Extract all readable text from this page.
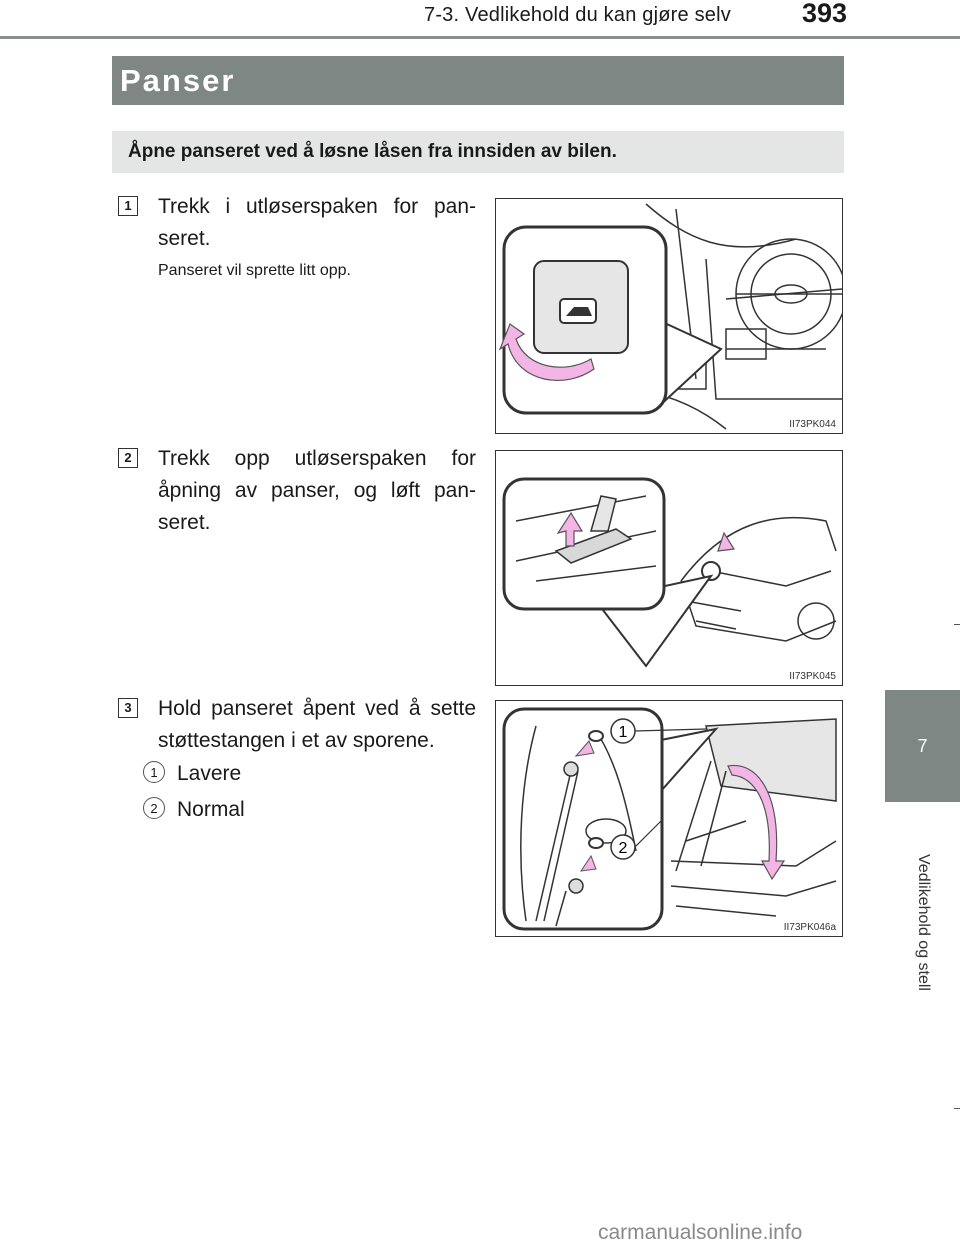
7-3. Vedlikehold du kan gjøre selv	393
Panser
Åpne panseret ved å løsne låsen fra innsiden av bilen.
1	Trekk i utløserspaken for pan-seret.
Panseret vil sprette litt opp.
II73PK044
2	Trekk opp utløserspaken for åpning av panser, og løft pan-seret.
II73PK045
3	Hold panseret åpent ved å sette støttestangen i et av sporene.
1 Lavere
2 Normal
1
2
II73PK046a
7
Vedlikehold og stell
carmanualsonline.info
